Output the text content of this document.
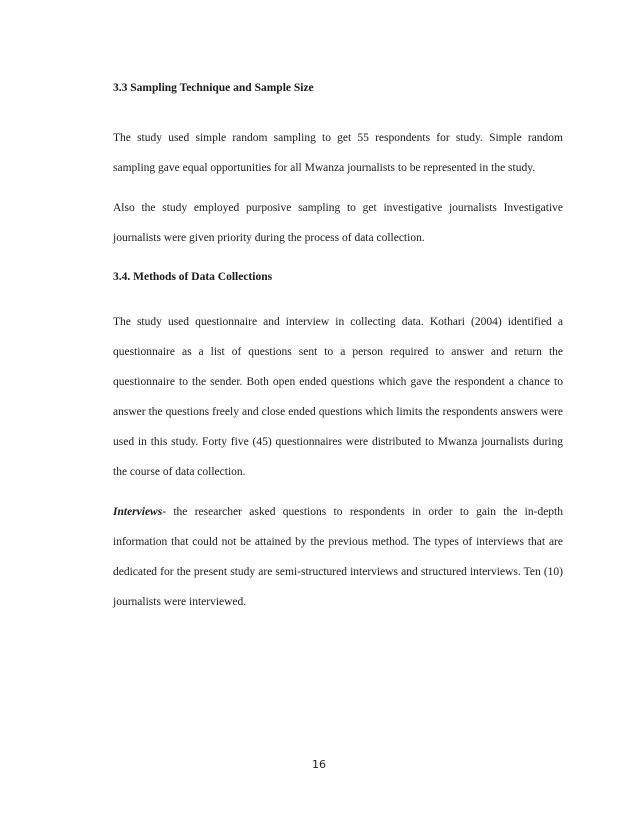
3.3 Sampling Technique and Sample Size

The study used simple random sampling to get 55 respondents for study. Simple random sampling gave equal opportunities for all Mwanza journalists to be represented in the study.

Also the study employed purposive sampling to get investigative journalists Investigative journalists were given priority during the process of data collection.

3.4. Methods of Data Collections

The study used questionnaire and interview in collecting data. Kothari (2004) identified a questionnaire as a list of questions sent to a person required to answer and return the questionnaire to the sender. Both open ended questions which gave the respondent a chance to answer the questions freely and close ended questions which limits the respondents answers were used in this study. Forty five (45) questionnaires were distributed to Mwanza journalists during the course of data collection.

Interviews- the researcher asked questions to respondents in order to gain the in-depth information that could not be attained by the previous method. The types of interviews that are dedicated for the present study are semi-structured interviews and structured interviews. Ten (10) journalists were interviewed.

16
